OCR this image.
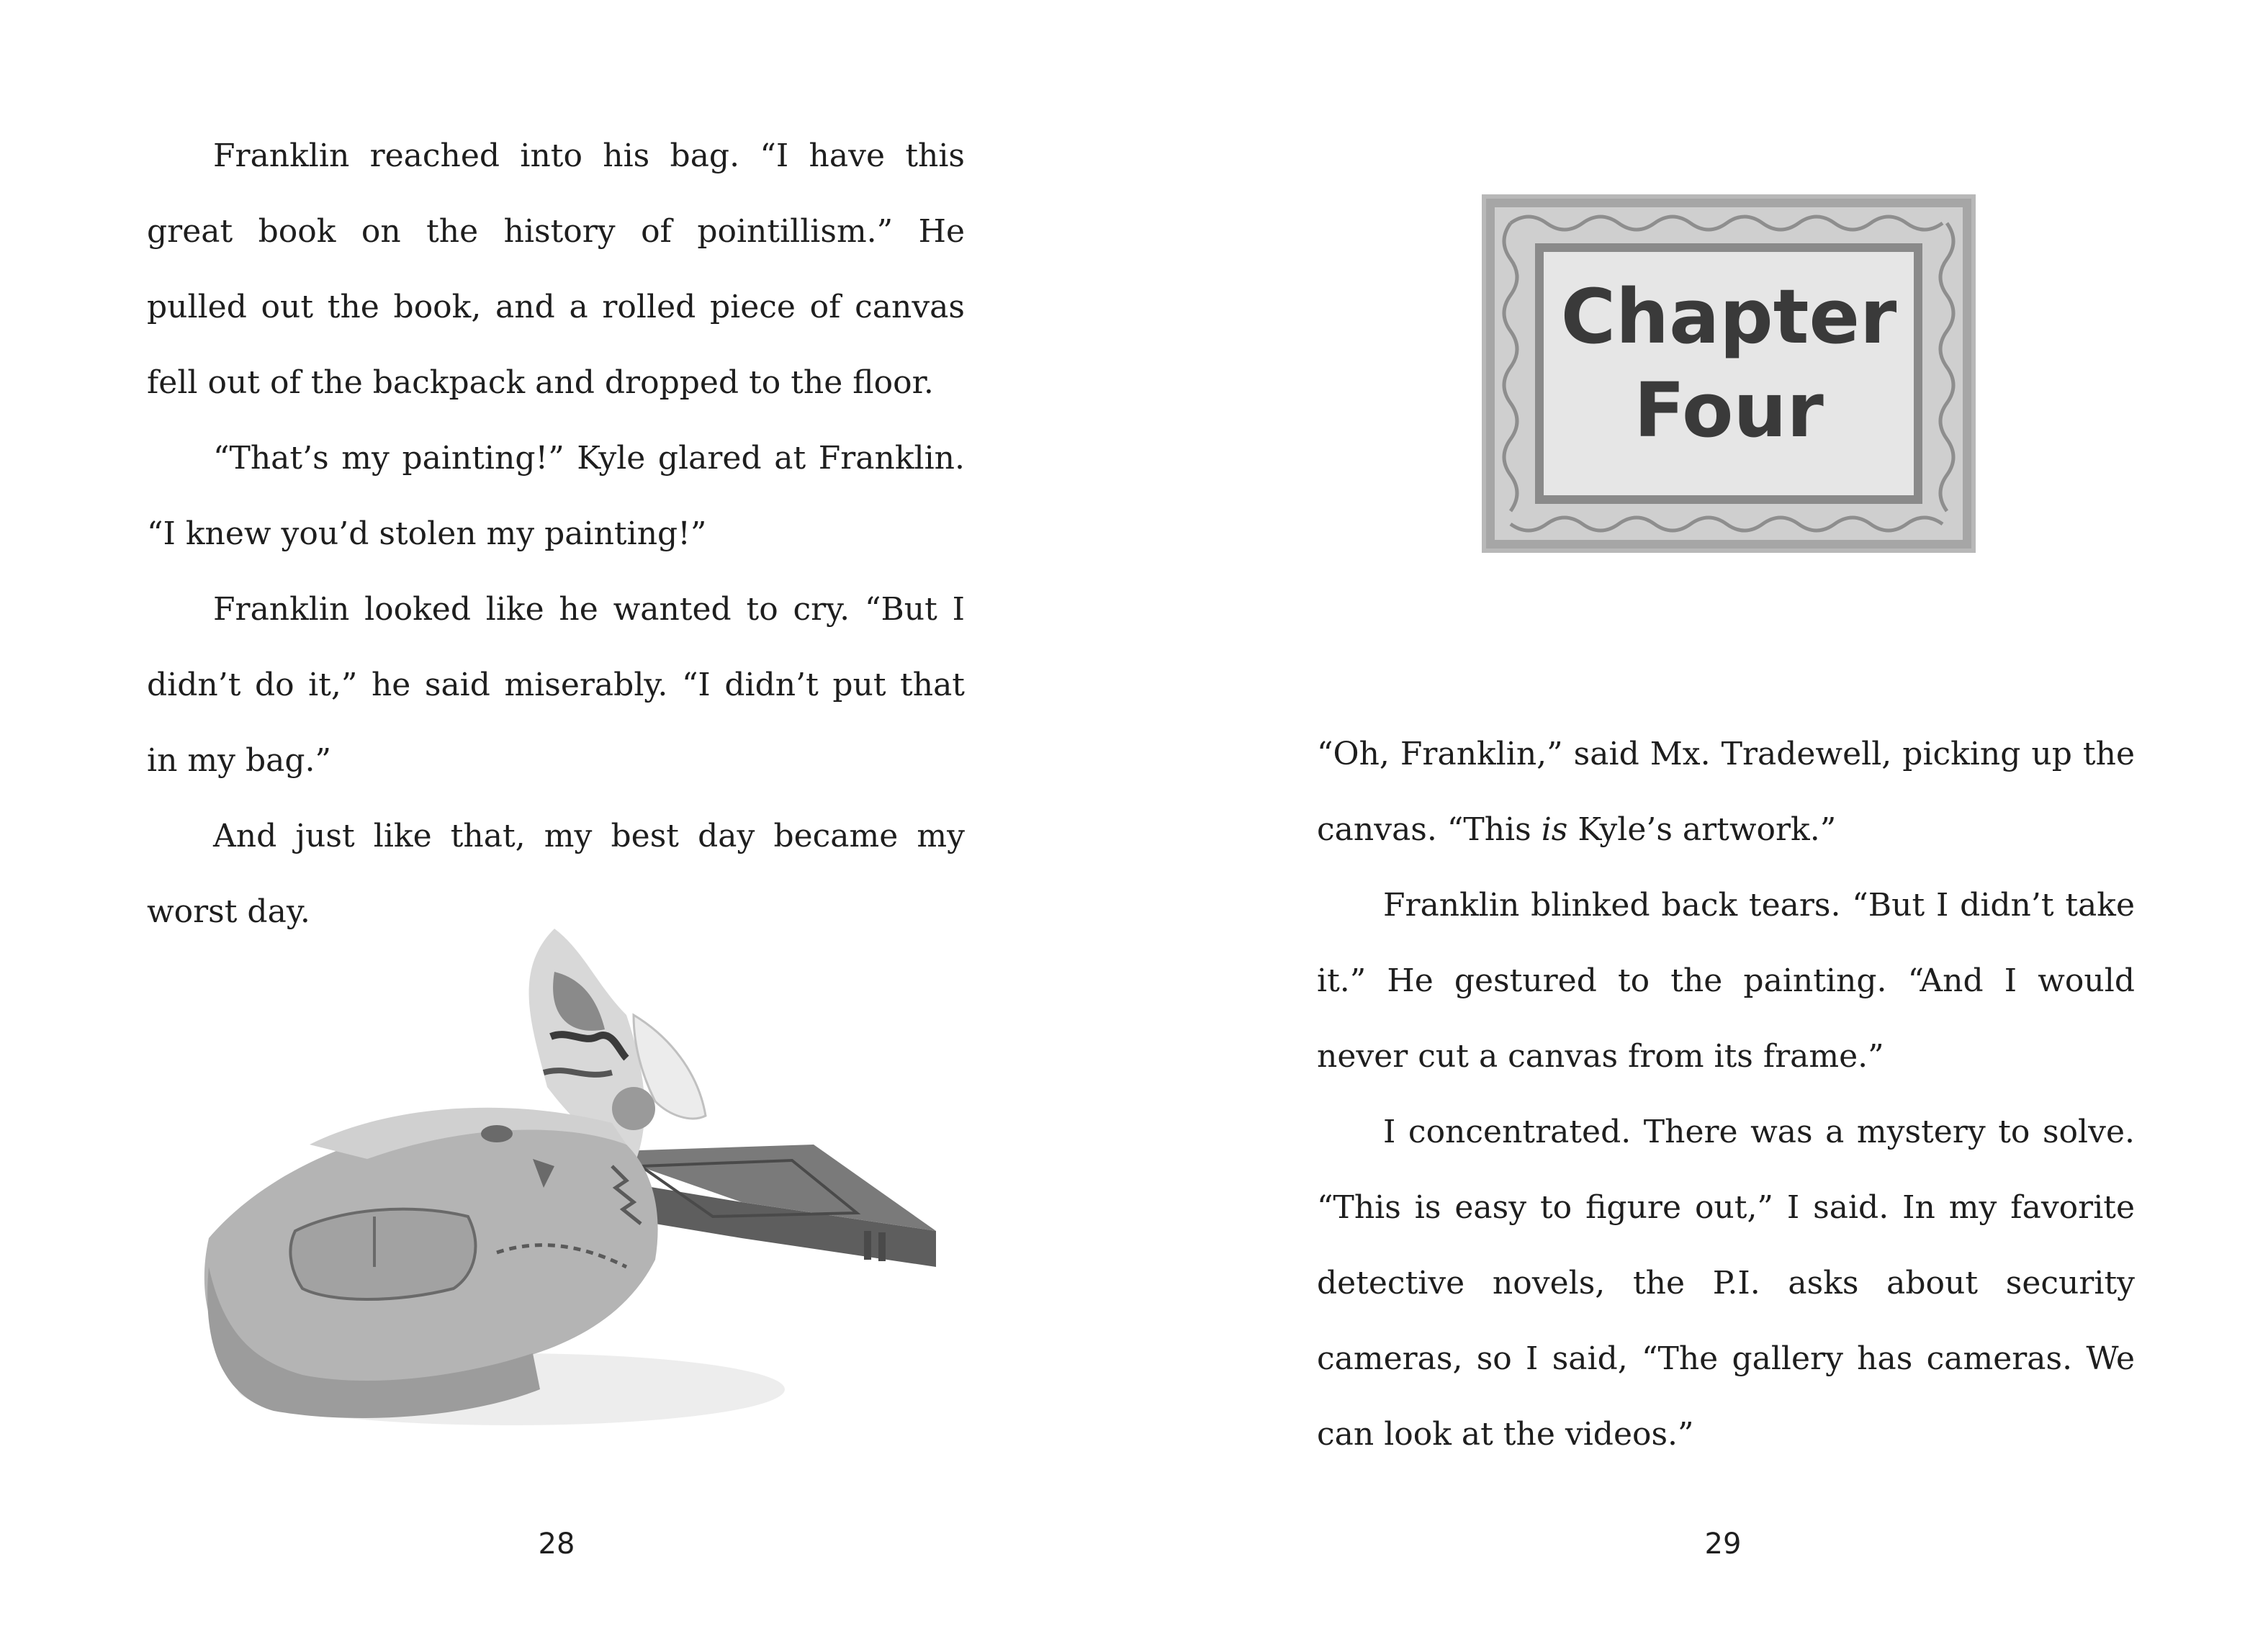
Franklin reached into his bag. “I have this great book on the history of pointillism.” He pulled out the book, and a rolled piece of canvas fell out of the backpack and dropped to the floor.

“That’s my painting!” Kyle glared at Franklin. “I knew you’d stolen my painting!”

Franklin looked like he wanted to cry. “But I didn’t do it,” he said miserably. “I didn’t put that in my bag.”

And just like that, my best day became my worst day.

28
Chapter
Four

“Oh, Franklin,” said Mx. Tradewell, picking up the canvas. “This is Kyle’s artwork.”

Franklin blinked back tears. “But I didn’t take it.” He gestured to the painting. “And I would never cut a canvas from its frame.”

I concentrated. There was a mystery to solve. “This is easy to figure out,” I said. In my favorite detective novels, the P.I. asks about security cameras, so I said, “The gallery has cameras. We can look at the videos.”

29
